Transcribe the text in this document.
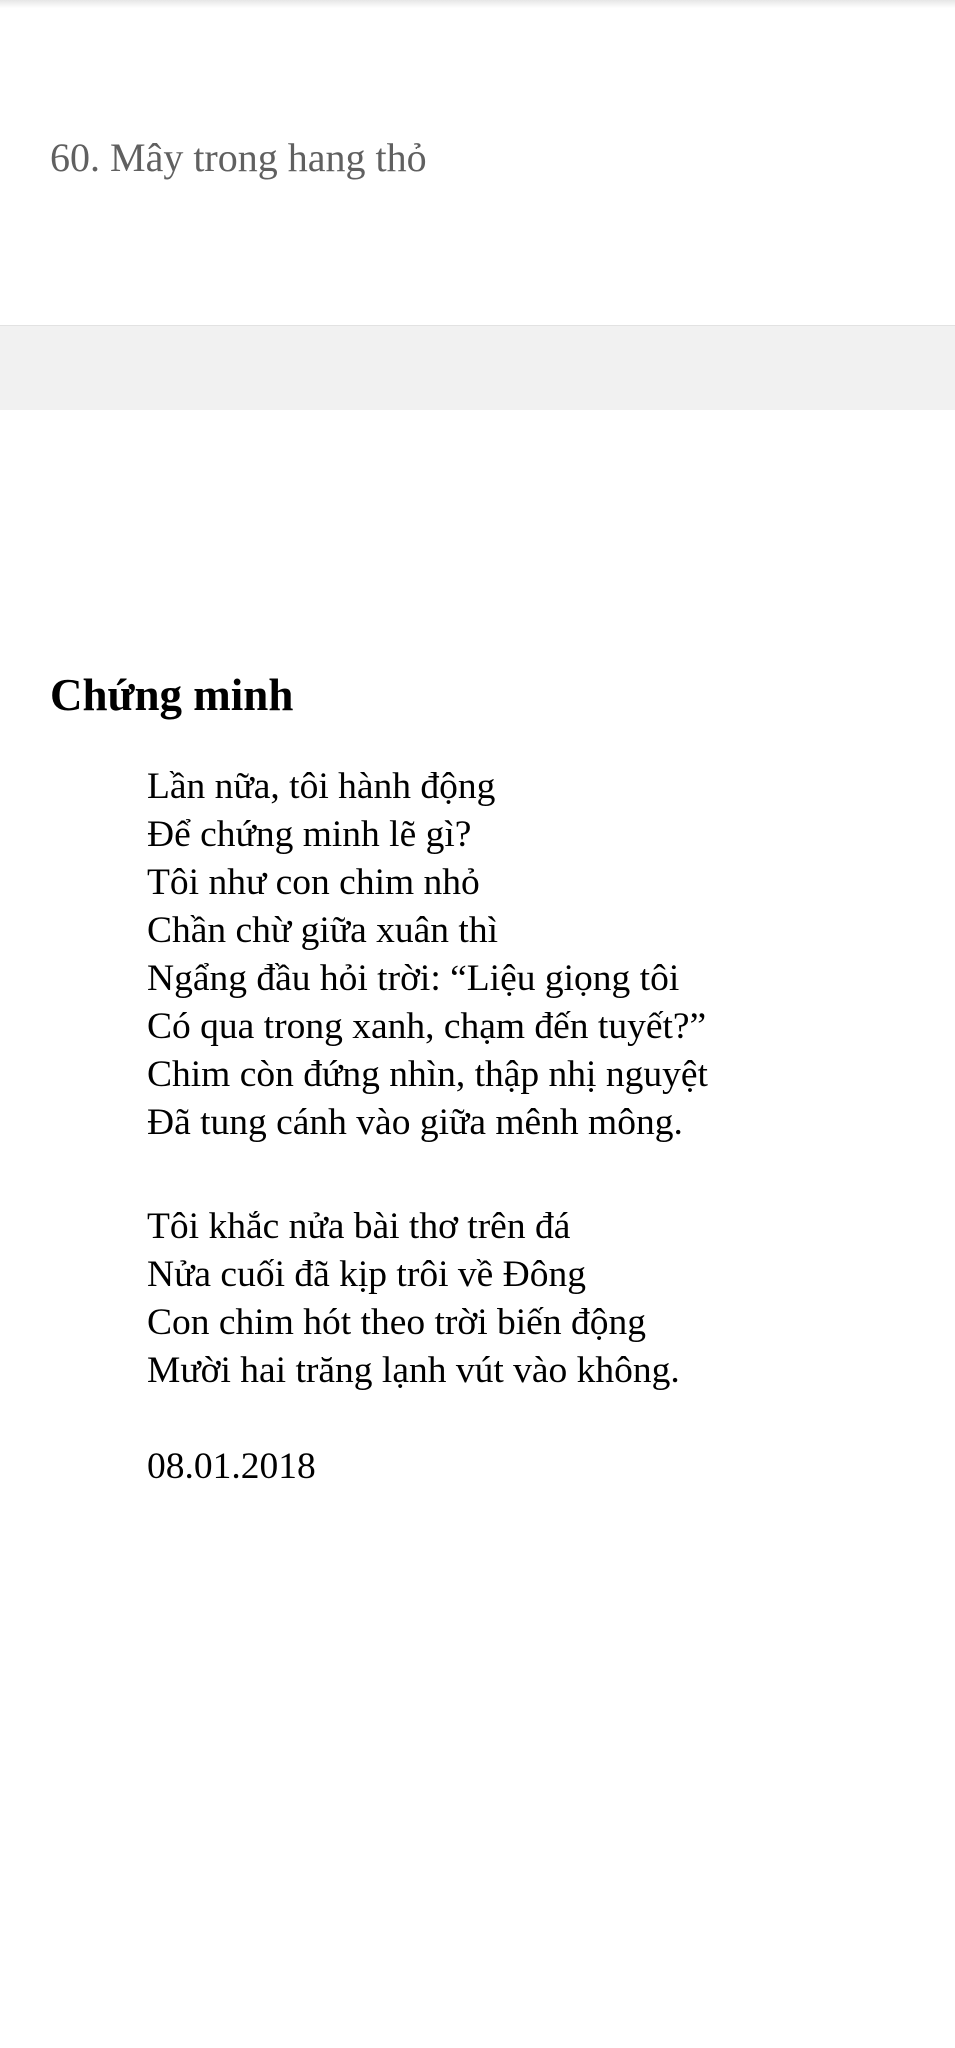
60. Mây trong hang thỏ
Chứng minh
Lần nữa, tôi hành động
Để chứng minh lẽ gì?
Tôi như con chim nhỏ
Chần chừ giữa xuân thì
Ngẩng đầu hỏi trời: “Liệu giọng tôi
Có qua trong xanh, chạm đến tuyết?”
Chim còn đứng nhìn, thập nhị nguyệt
Đã tung cánh vào giữa mênh mông.
Tôi khắc nửa bài thơ trên đá
Nửa cuối đã kịp trôi về Đông
Con chim hót theo trời biến động
Mười hai trăng lạnh vút vào không.
08.01.2018
